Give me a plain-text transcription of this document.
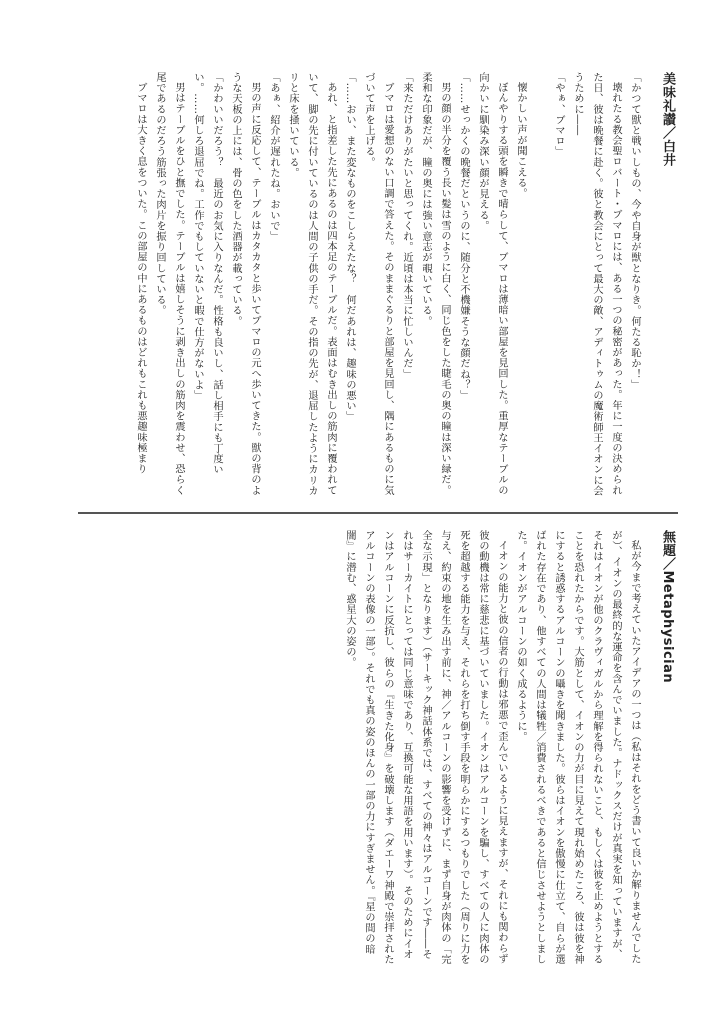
美味礼讃／白井

「かつて獣と戦いしもの、今や自身が獣となりき。何たる恥か！」

壊れたる教会聖ロバート・ブマロには、ある一つの秘密があった。年に一度の決められた日、彼は晩餐に赴く。彼と教会にとって最大の敵、アディトゥムの魔術師王イオンに会うために――

「やぁ、ブマロ」

懐かしい声が聞こえる。

ぼんやりする頭を瞬きで晴らして、ブマロは薄暗い部屋を見回した。重厚なテーブルの向かいに馴染み深い顔が見える。

「……せっかくの晩餐だというのに、随分と不機嫌そうな顔だね？」

男の顔の半分を覆う長い髪は雪のように白く、同じ色をした睫毛の奥の瞳は深い緑だ。柔和な印象だが、瞳の奥には強い意志が覗いている。

「来ただけありがたいと思ってくれ。近頃は本当に忙しいんだ」

ブマロは愛想のない口調で答えた。そのままぐるりと部屋を見回し、隅にあるものに気づいて声を上げる。

「……おい、また変なものをこしらえたな？　何だあれは、趣味の悪い」

あれ、と指差した先にあるのは四本足のテーブルだ。表面はむき出しの筋肉に覆われていて、脚の先に付いているのは人間の子供の手だ。その指の先が、退屈したようにカリカリと床を掻いている。

「あぁ、紹介が遅れたね。おいで」

男の声に反応して、テーブルはカタカタと歩いてブマロの元へ歩いてきた。獣の背のような天板の上には、骨の色をした酒器が載っている。

「かわいいだろう？　最近のお気に入りなんだ。性格も良いし、話し相手にも丁度いい。……何しろ退屈でね。工作でもしていないと暇で仕方がないよ」

男はテーブルをひと撫でした。テーブルは嬉しそうに剥き出しの筋肉を震わせ、恐らく尾であるのだろう筋張った肉片を振り回している。

ブマロは大きく息をついた。この部屋の中にあるものはどれもこれも悪趣味極まり

無題／Metaphysician

私が今まで考えていたアイデアの一つは（私はそれをどう書いて良いか解りませんでしたが）、イオンの最終的な運命を含んでいました。ナドックスだけが真実を知っていますが、それはイオンが他のクラヴィガルから理解を得られないこと、もしくは彼を止めようとすることを恐れたからです。大筋として、イオンの力が目に見えて現れ始めたころ、彼は彼を神にすると誘惑するアルコーンの囁きを聞きました。彼らはイオンを傲慢に仕立て、自らが選ばれた存在であり、他すべての人間は犠牲／消費されるべきであると信じさせようとしました。イオンがアルコーンの如く成るように。

イオンの能力と彼の信者の行動は邪悪で歪んでいるように見えますが、それにも関わらず彼の動機は常に慈悲に基づいていました。イオンはアルコーンを騙し、すべての人に肉体の死を超越する能力を与え、それらを打ち倒す手段を明らかにするつもりでした（周りに力を与え、約束の地を生み出す前に、神／アルコーンの影響を受けずに、まず自身が肉体の「完全な示現」となります）（サーキック神話体系では、すべての神々はアルコーンです――それはサーカイトにとっては同じ意味であり、互換可能な用語を用います）。そのためにイオンはアルコーンに反抗し、彼らの『生きた化身』を破壊します（ダエーワ神殿で崇拝されたアルコーンの表像の一部）。それでも真の姿のほんの一部の力にすぎません。『星の間の暗闇』に潜む、惑星大の姿の。
